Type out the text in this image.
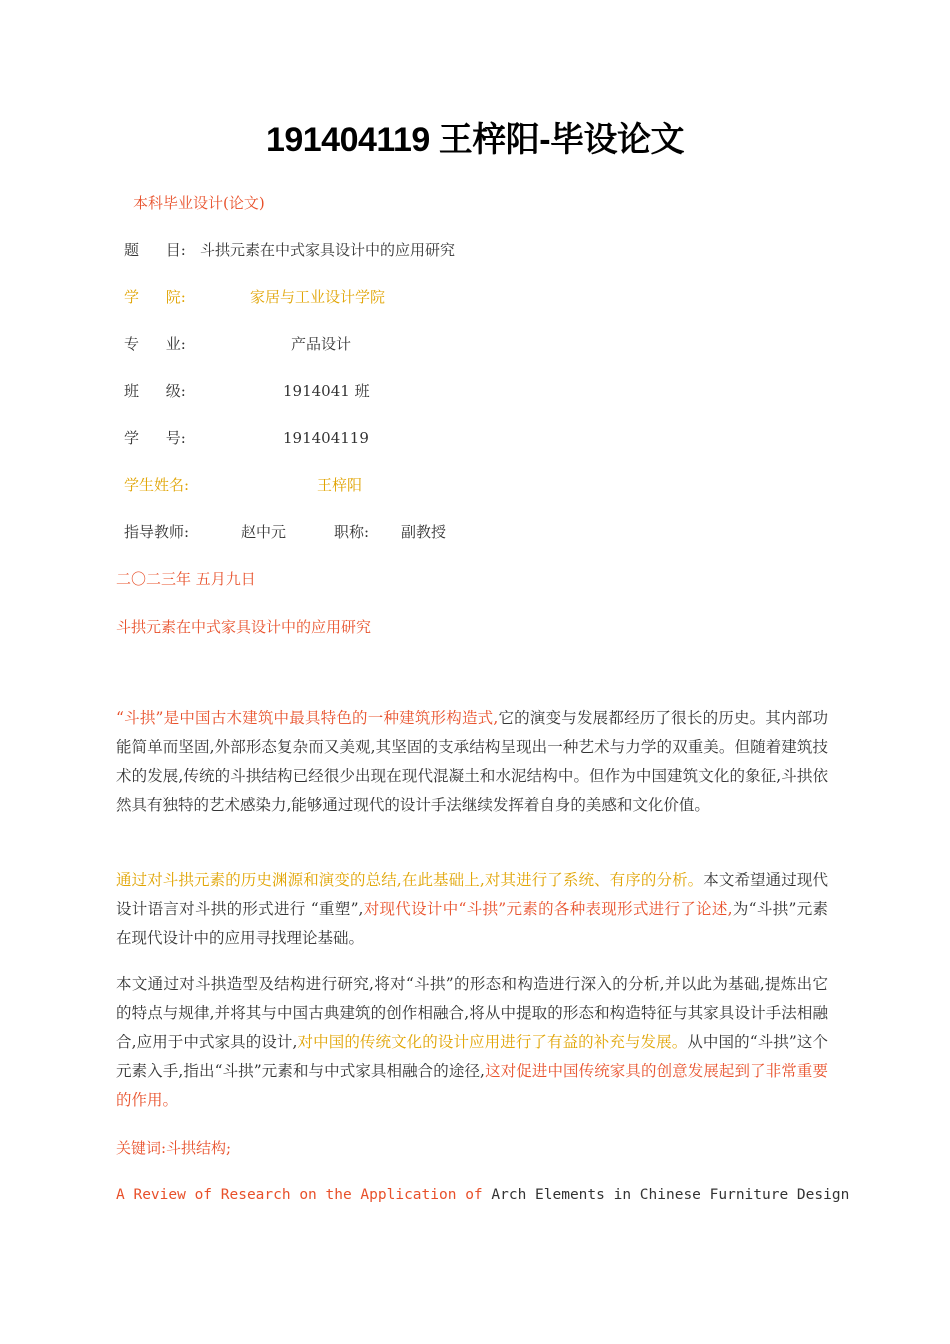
191404119 王梓阳-毕设论文
本科毕业设计(论文)
题 目: 斗拱元素在中式家具设计中的应用研究
学 院:	家居与工业设计学院
专 业:	产品设计
班 级:	1914041 班
学 号:	191404119
学生姓名:	王梓阳
指导教师:	赵中元	职称: 副教授
二〇二三年 五月九日
斗拱元素在中式家具设计中的应用研究

“斗拱”是中国古木建筑中最具特色的一种建筑形构造式,它的演变与发展都经历了很长的历史。其内部功能简单而坚固,外部形态复杂而又美观,其坚固的支承结构呈现出一种艺术与力学的双重美。但随着建筑技术的发展,传统的斗拱结构已经很少出现在现代混凝土和水泥结构中。但作为中国建筑文化的象征,斗拱依然具有独特的艺术感染力,能够通过现代的设计手法继续发挥着自身的美感和文化价值。

通过对斗拱元素的历史渊源和演变的总结,在此基础上,对其进行了系统、有序的分析。本文希望通过现代设计语言对斗拱的形式进行 “重塑”,对现代设计中“斗拱”元素的各种表现形式进行了论述,为“斗拱”元素在现代设计中的应用寻找理论基础。

本文通过对斗拱造型及结构进行研究,将对“斗拱”的形态和构造进行深入的分析,并以此为基础,提炼出它的特点与规律,并将其与中国古典建筑的创作相融合,将从中提取的形态和构造特征与其家具设计手法相融合,应用于中式家具的设计,对中国的传统文化的设计应用进行了有益的补充与发展。从中国的“斗拱”这个元素入手,指出“斗拱”元素和与中式家具相融合的途径,这对促进中国传统家具的创意发展起到了非常重要的作用。

关键词:斗拱结构;
A Review of Research on the Application of Arch Elements in Chinese Furniture Design
